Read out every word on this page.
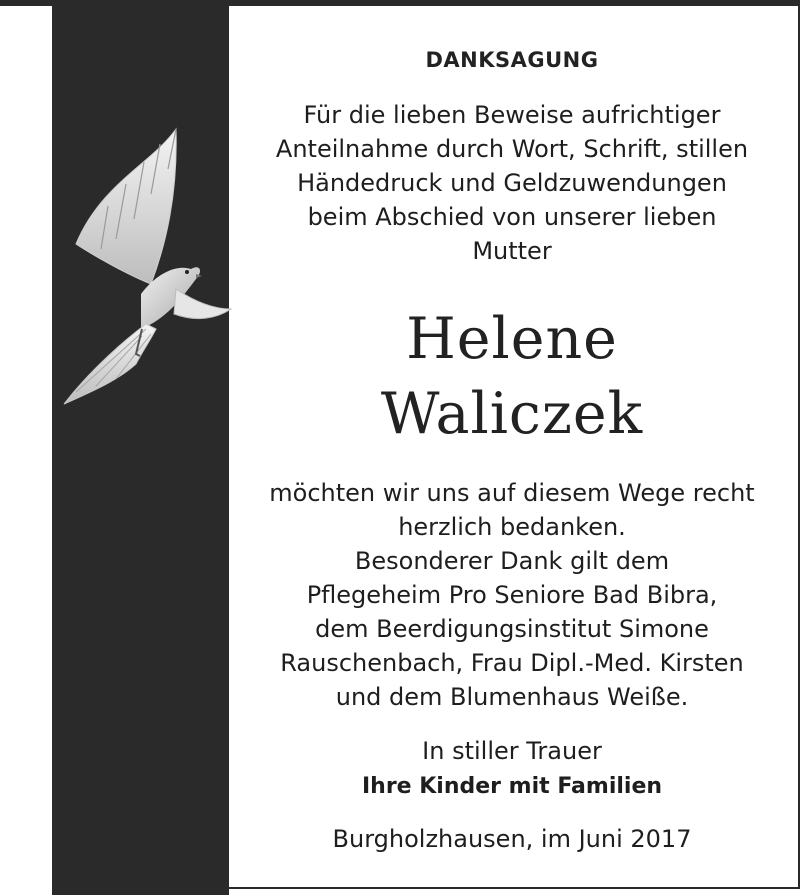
DANKSAGUNG
Für die lieben Beweise aufrichtiger
Anteilnahme durch Wort, Schrift, stillen
Händedruck und Geldzuwendungen
beim Abschied von unserer lieben
Mutter
Helene
Waliczek
möchten wir uns auf diesem Wege recht
herzlich bedanken.
Besonderer Dank gilt dem
Pflegeheim Pro Seniore Bad Bibra,
dem Beerdigungsinstitut Simone
Rauschenbach, Frau Dipl.-Med. Kirsten
und dem Blumenhaus Weiße.
In stiller Trauer
Ihre Kinder mit Familien
Burgholzhausen, im Juni 2017
